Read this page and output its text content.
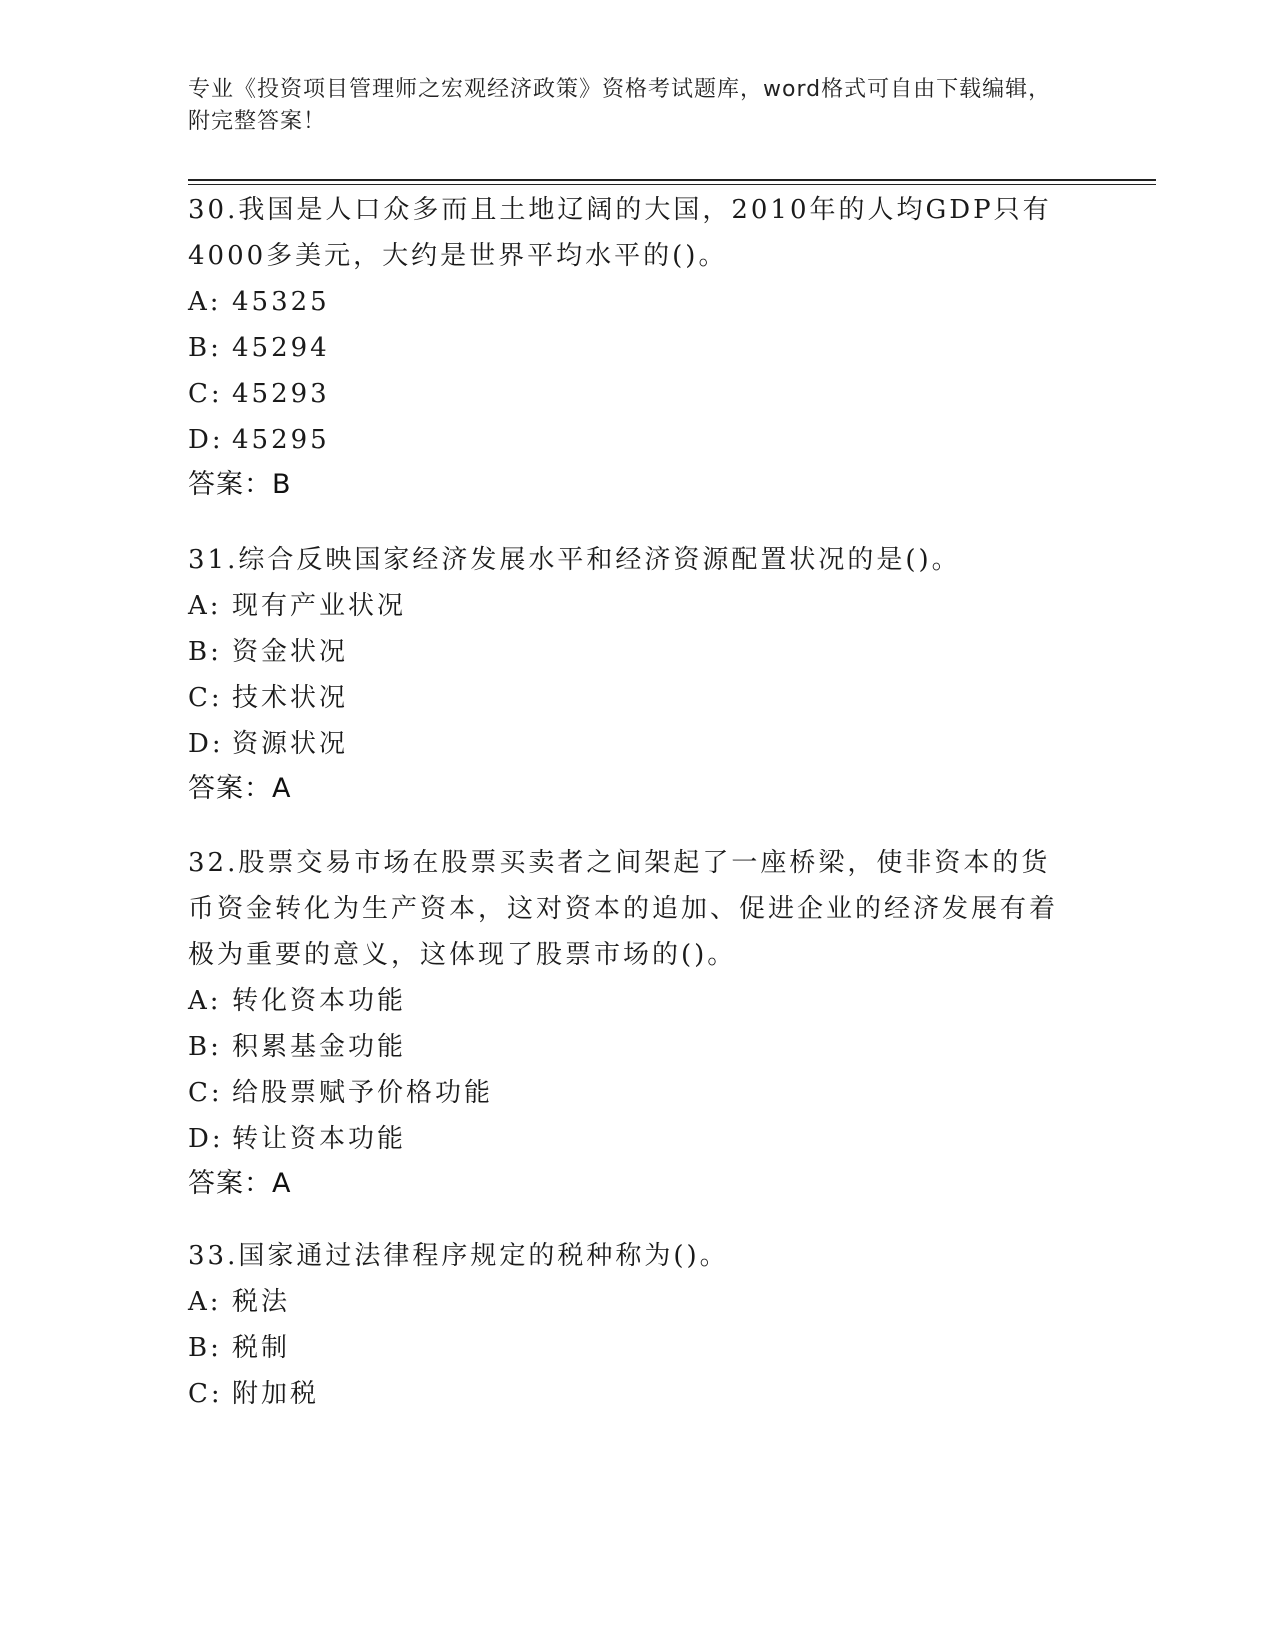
专业《投资项目管理师之宏观经济政策》资格考试题库，word格式可自由下载编辑，附完整答案！

30.我国是人口众多而且土地辽阔的大国，2010年的人均GDP只有4000多美元，大约是世界平均水平的()。

A: 45325

B: 45294

C: 45293

D: 45295

答案：B

31.综合反映国家经济发展水平和经济资源配置状况的是()。

A: 现有产业状况

B: 资金状况

C: 技术状况

D: 资源状况

答案：A

32.股票交易市场在股票买卖者之间架起了一座桥梁，使非资本的货币资金转化为生产资本，这对资本的追加、促进企业的经济发展有着极为重要的意义，这体现了股票市场的()。

A: 转化资本功能

B: 积累基金功能

C: 给股票赋予价格功能

D: 转让资本功能

答案：A

33.国家通过法律程序规定的税种称为()。

A: 税法

B: 税制

C: 附加税
